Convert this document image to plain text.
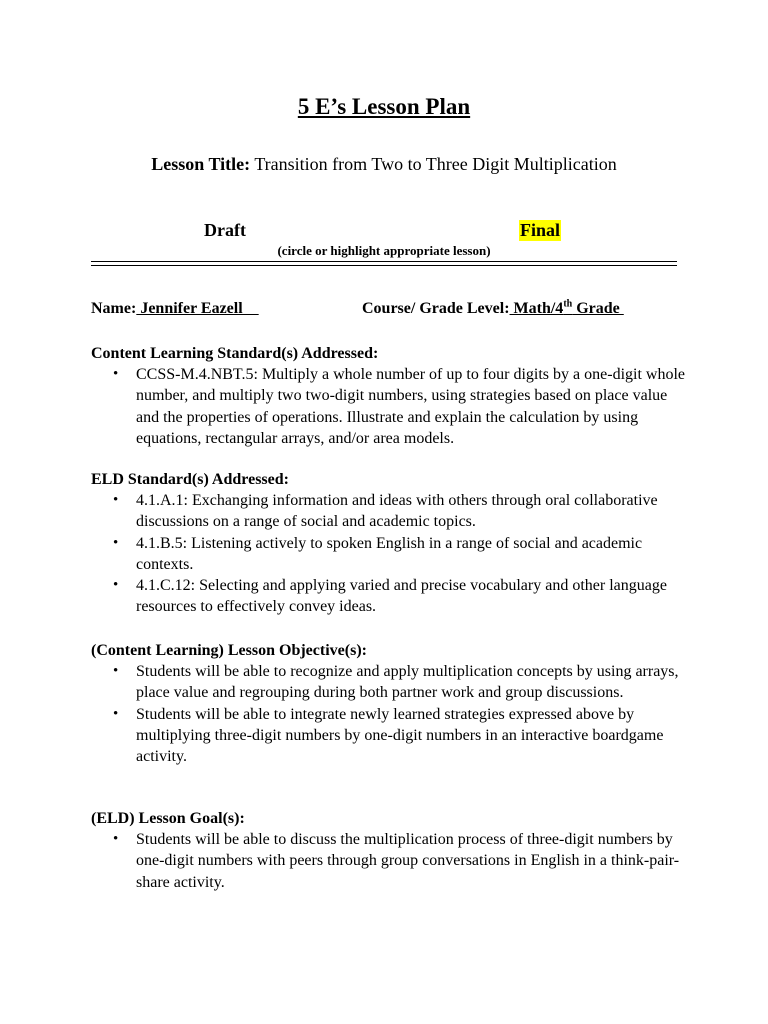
5 E’s Lesson Plan
Lesson Title: Transition from Two to Three Digit Multiplication
Draft	Final
(circle or highlight appropriate lesson)
Name: Jennifer Eazell	Course/ Grade Level: Math/4th Grade
Content Learning Standard(s) Addressed:
• CCSS-M.4.NBT.5: Multiply a whole number of up to four digits by a one-digit whole number, and multiply two two-digit numbers, using strategies based on place value and the properties of operations. Illustrate and explain the calculation by using equations, rectangular arrays, and/or area models.
ELD Standard(s) Addressed:
• 4.1.A.1: Exchanging information and ideas with others through oral collaborative discussions on a range of social and academic topics.
• 4.1.B.5: Listening actively to spoken English in a range of social and academic contexts.
• 4.1.C.12: Selecting and applying varied and precise vocabulary and other language resources to effectively convey ideas.
(Content Learning) Lesson Objective(s):
• Students will be able to recognize and apply multiplication concepts by using arrays, place value and regrouping during both partner work and group discussions.
• Students will be able to integrate newly learned strategies expressed above by multiplying three-digit numbers by one-digit numbers in an interactive boardgame activity.
(ELD) Lesson Goal(s):
• Students will be able to discuss the multiplication process of three-digit numbers by one-digit numbers with peers through group conversations in English in a think-pair-share activity.
